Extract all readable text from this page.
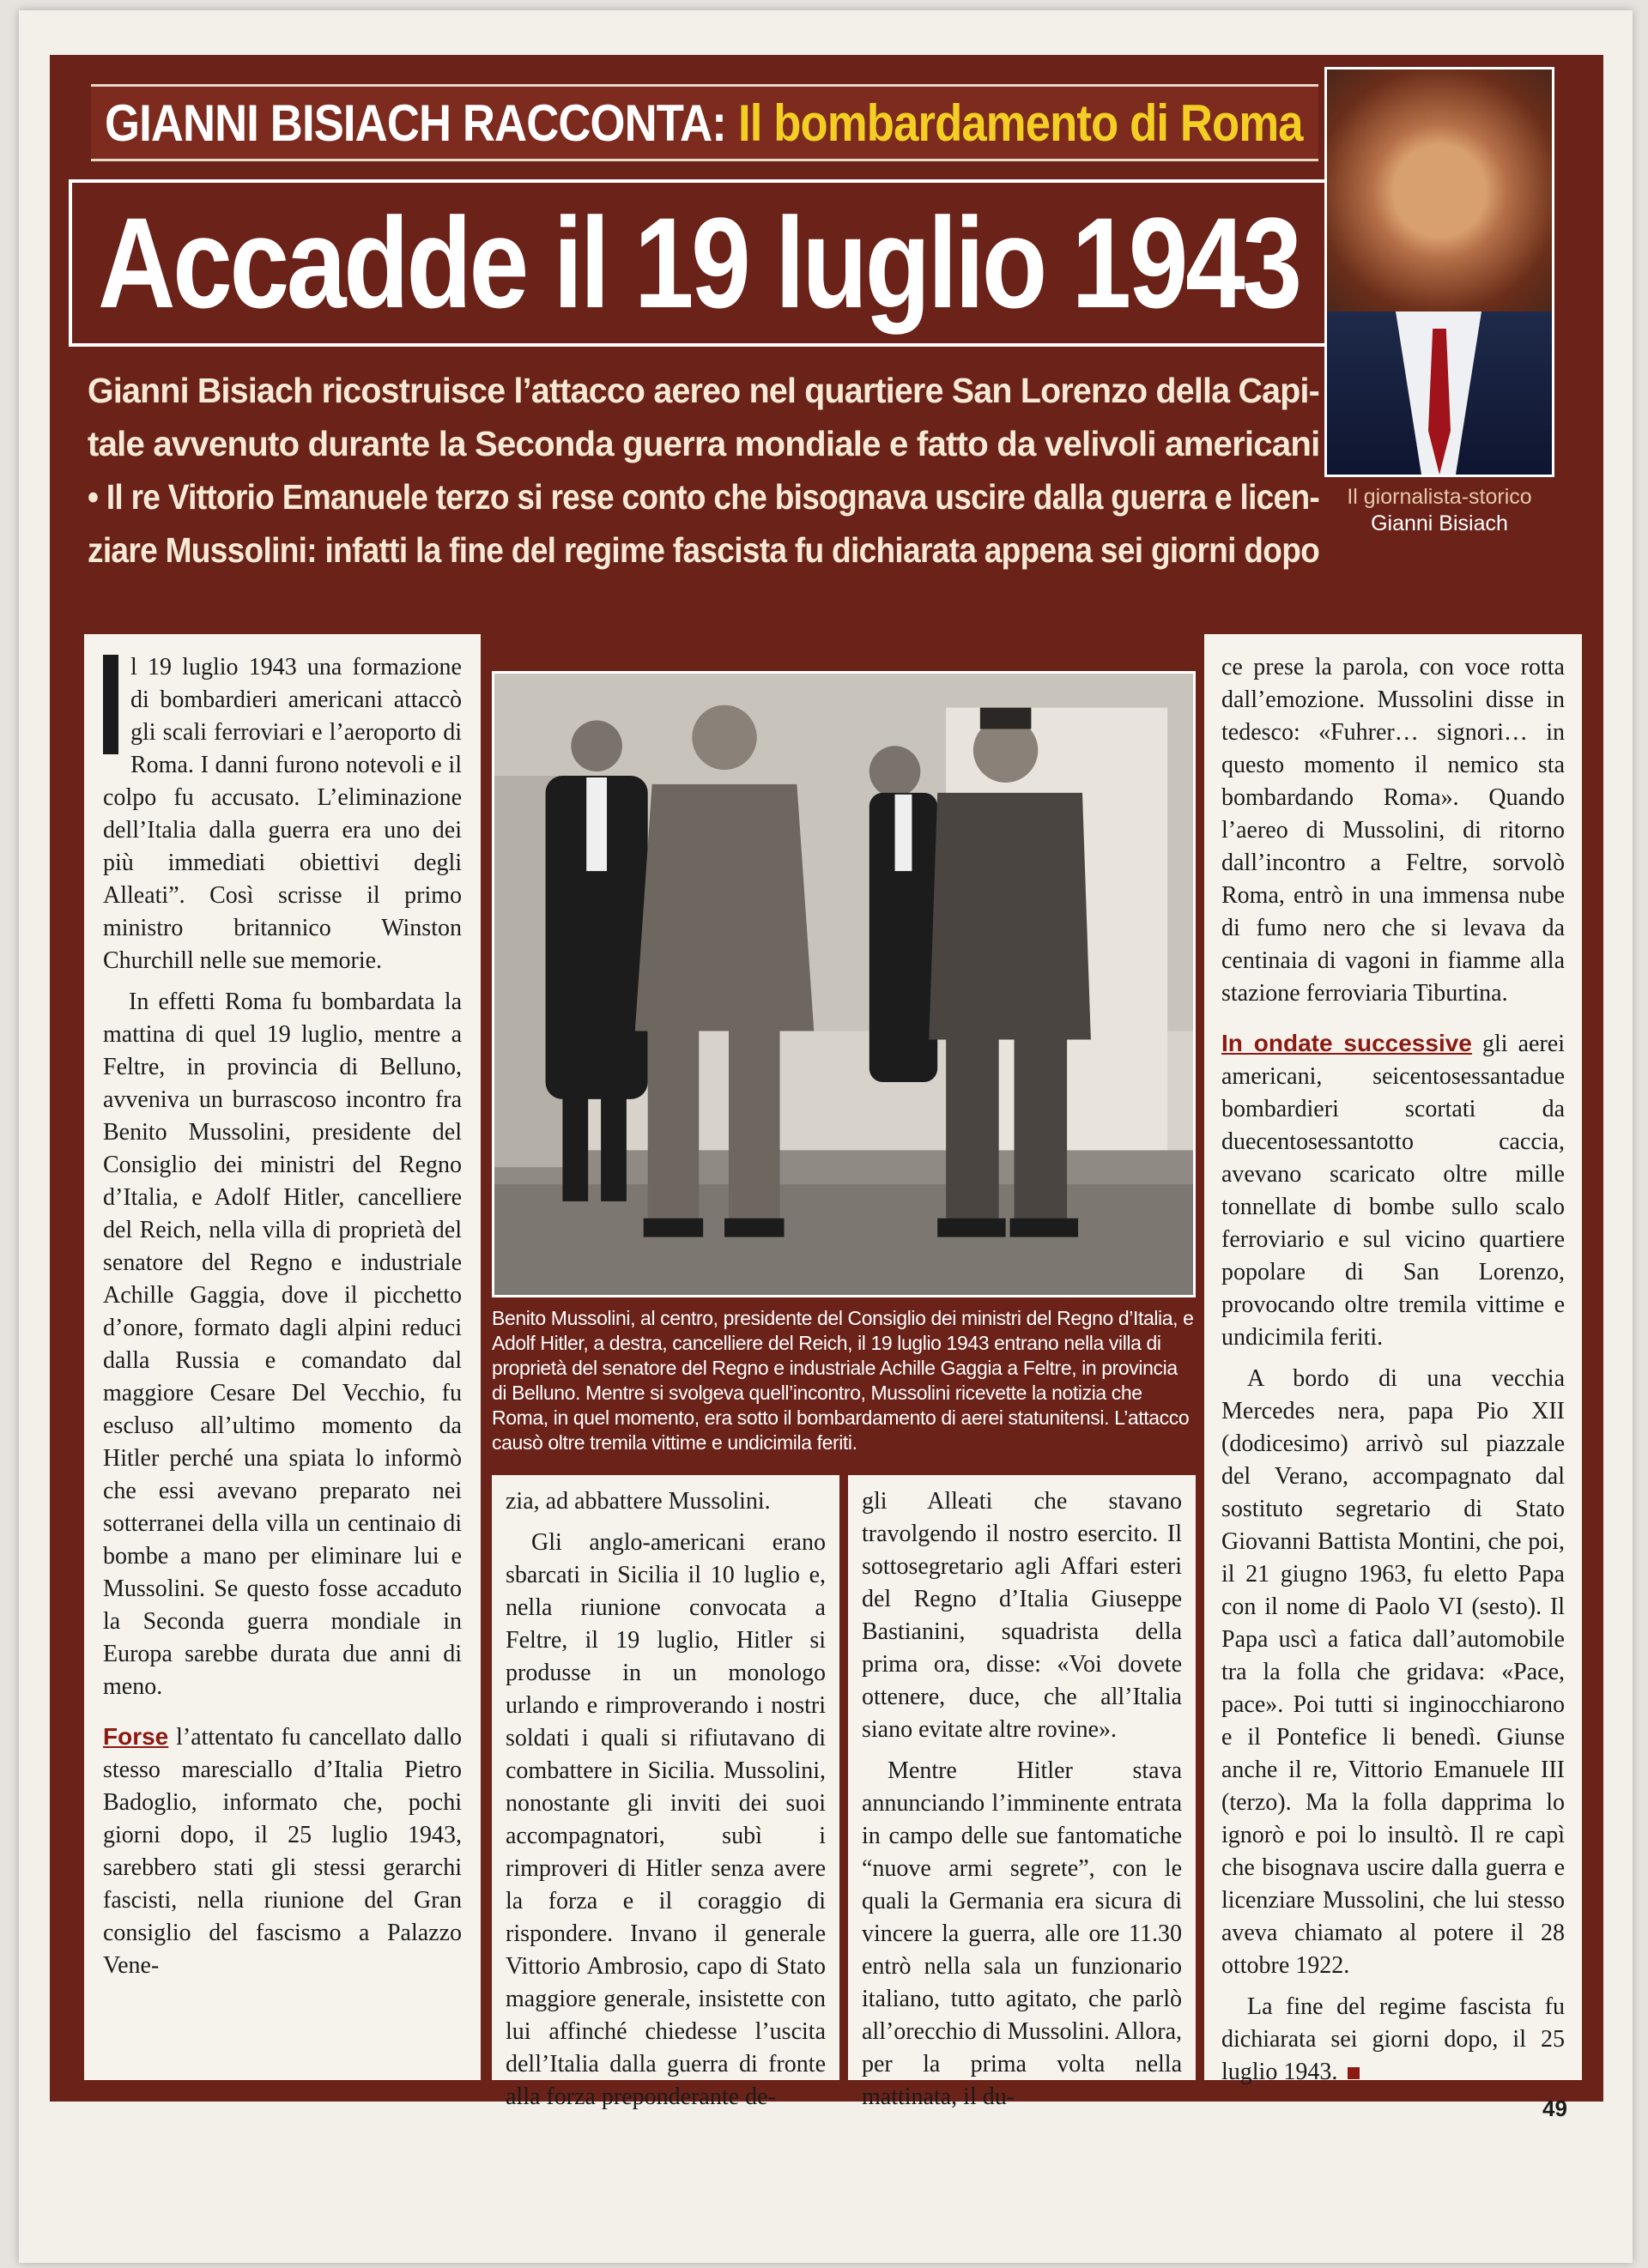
GIANNI BISIACH RACCONTA: Il bombardamento di Roma
Accadde il 19 luglio 1943
Il giornalista-storico
Gianni Bisiach
Gianni Bisiach ricostruisce l’attacco aereo nel quartiere San Lorenzo della Capi-
tale avvenuto durante la Seconda guerra mondiale e fatto da velivoli americani
• Il re Vittorio Emanuele terzo si rese conto che bisognava uscire dalla guerra e licen-
ziare Mussolini: infatti la fine del regime fascista fu dichiarata appena sei giorni dopo

l 19 luglio 1943 una formazione di bombardieri americani attaccò gli scali ferroviari e l’aeroporto di Roma. I danni furono notevoli e il colpo fu accusato. L’eliminazione dell’Italia dalla guerra era uno dei più immediati obiettivi degli Alleati”. Così scrisse il primo ministro britannico Winston Churchill nelle sue memorie.

In effetti Roma fu bombardata la mattina di quel 19 luglio, mentre a Feltre, in provincia di Belluno, avveniva un burrascoso incontro fra Benito Mussolini, presidente del Consiglio dei ministri del Regno d’Italia, e Adolf Hitler, cancelliere del Reich, nella villa di proprietà del senatore del Regno e industriale Achille Gaggia, dove il picchetto d’onore, formato dagli alpini reduci dalla Russia e comandato dal maggiore Cesare Del Vecchio, fu escluso all’ultimo momento da Hitler perché una spiata lo informò che essi avevano preparato nei sotterranei della villa un centinaio di bombe a mano per eliminare lui e Mussolini. Se questo fosse accaduto la Seconda guerra mondiale in Europa sarebbe durata due anni di meno.

Forse l’attentato fu cancellato dallo stesso maresciallo d’Italia Pietro Badoglio, informato che, pochi giorni dopo, il 25 luglio 1943, sarebbero stati gli stessi gerarchi fascisti, nella riunione del Gran consiglio del fascismo a Palazzo Vene-

Benito Mussolini, al centro, presidente del Consiglio dei ministri del Regno d’Italia, e Adolf Hitler, a destra, cancelliere del Reich, il 19 luglio 1943 entrano nella villa di proprietà del senatore del Regno e industriale Achille Gaggia a Feltre, in provincia di Belluno. Mentre si svolgeva quell’incontro, Mussolini ricevette la notizia che Roma, in quel momento, era sotto il bombardamento di aerei statunitensi. L’attacco causò oltre tremila vittime e undicimila feriti.

zia, ad abbattere Mussolini.

Gli anglo-americani erano sbarcati in Sicilia il 10 luglio e, nella riunione convocata a Feltre, il 19 luglio, Hitler si produsse in un monologo urlando e rimproverando i nostri soldati i quali si rifiutavano di combattere in Sicilia. Mussolini, nonostante gli inviti dei suoi accompagnatori, subì i rimproveri di Hitler senza avere la forza e il coraggio di rispondere. Invano il generale Vittorio Ambrosio, capo di Stato maggiore generale, insistette con lui affinché chiedesse l’uscita dell’Italia dalla guerra di fronte alla forza preponderante de-

gli Alleati che stavano travolgendo il nostro esercito. Il sottosegretario agli Affari esteri del Regno d’Italia Giuseppe Bastianini, squadrista della prima ora, disse: «Voi dovete ottenere, duce, che all’Italia siano evitate altre rovine».

Mentre Hitler stava annunciando l’imminente entrata in campo delle sue fantomatiche “nuove armi segrete”, con le quali la Germania era sicura di vincere la guerra, alle ore 11.30 entrò nella sala un funzionario italiano, tutto agitato, che parlò all’orecchio di Mussolini. Allora, per la prima volta nella mattinata, il du-

ce prese la parola, con voce rotta dall’emozione. Mussolini disse in tedesco: «Fuhrer… signori… in questo momento il nemico sta bombardando Roma». Quando l’aereo di Mussolini, di ritorno dall’incontro a Feltre, sorvolò Roma, entrò in una immensa nube di fumo nero che si levava da centinaia di vagoni in fiamme alla stazione ferroviaria Tiburtina.

In ondate successive gli aerei americani, seicentosessantadue bombardieri scortati da duecentosessantotto caccia, avevano scaricato oltre mille tonnellate di bombe sullo scalo ferroviario e sul vicino quartiere popolare di San Lorenzo, provocando oltre tremila vittime e undicimila feriti.

A bordo di una vecchia Mercedes nera, papa Pio XII (dodicesimo) arrivò sul piazzale del Verano, accompagnato dal sostituto segretario di Stato Giovanni Battista Montini, che poi, il 21 giugno 1963, fu eletto Papa con il nome di Paolo VI (sesto). Il Papa uscì a fatica dall’automobile tra la folla che gridava: «Pace, pace». Poi tutti si inginocchiarono e il Pontefice li benedì. Giunse anche il re, Vittorio Emanuele III (terzo). Ma la folla dapprima lo ignorò e poi lo insultò. Il re capì che bisognava uscire dalla guerra e licenziare Mussolini, che lui stesso aveva chiamato al potere il 28 ottobre 1922.

La fine del regime fascista fu dichiarata sei giorni dopo, il 25 luglio 1943.

49
